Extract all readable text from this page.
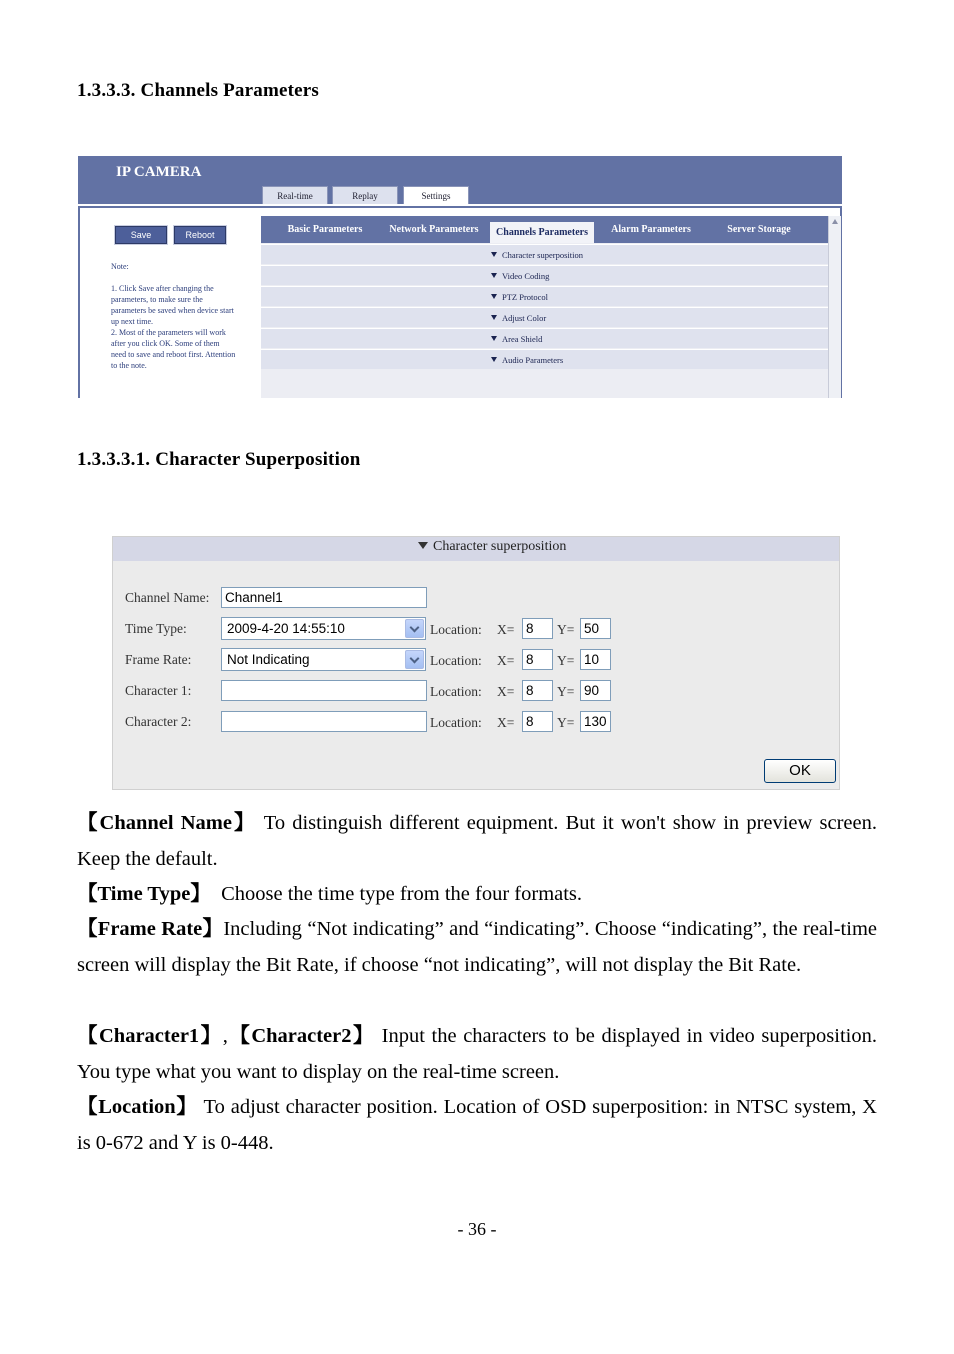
1.3.3.3. Channels Parameters
IP CAMERA
Real-time	Replay	Settings
Save	Reboot

Note:

1. Click Save after changing the parameters, to make sure the parameters be saved when device start up next time.
2. Most of the parameters will work after you click OK. Some of them need to save and reboot first. Attention to the note.
Basic Parameters	Network Parameters	Channels Parameters	Alarm Parameters	Server Storage
Character superposition
Video Coding
PTZ Protocol
Adjust Color
Area Shield
Audio Parameters
1.3.3.3.1. Character Superposition
Character superposition
Channel Name: Channel1
Time Type:	2009-4-20 14:55:10	Location: X= 8	Y= 50
Frame Rate:	Not Indicating	Location: X= 8	Y= 10
Character 1:	Location: X= 8	Y= 90
Character 2:	Location: X= 8	Y= 130
OK
【Channel Name】 To distinguish different equipment. But it won't show in preview screen. Keep the default.
【Time Type】  Choose the time type from the four formats.
【Frame Rate】Including “Not indicating” and “indicating”. Choose “indicating”, the real-time screen will display the Bit Rate, if choose “not indicating”, will not display the Bit Rate.
【Character1】,【Character2】 Input the characters to be displayed in video superposition. You type what you want to display on the real-time screen.
【Location】 To adjust character position. Location of OSD superposition: in NTSC system, X is 0-672 and Y is 0-448.
- 36 -
